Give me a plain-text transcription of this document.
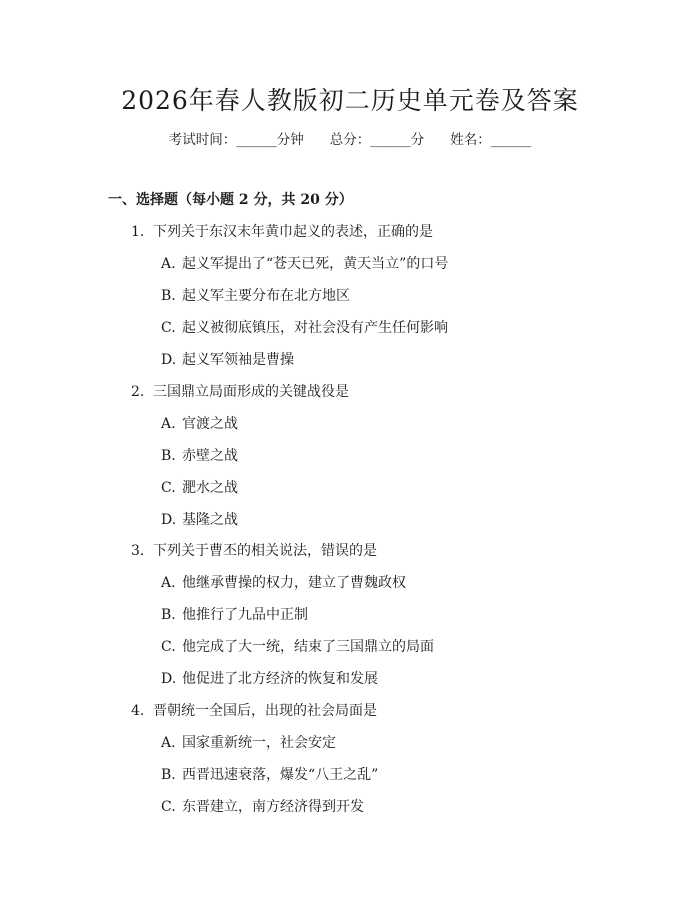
2026年春人教版初二历史单元卷及答案
考试时间：______分钟 总分：______分 姓名：______
一、选择题（每小题 2 分，共 20 分）
1. 下列关于东汉末年黄巾起义的表述，正确的是
A. 起义军提出了“苍天已死，黄天当立”的口号
B. 起义军主要分布在北方地区
C. 起义被彻底镇压，对社会没有产生任何影响
D. 起义军领袖是曹操
2. 三国鼎立局面形成的关键战役是
A. 官渡之战
B. 赤壁之战
C. 淝水之战
D. 基隆之战
3. 下列关于曹丕的相关说法，错误的是
A. 他继承曹操的权力，建立了曹魏政权
B. 他推行了九品中正制
C. 他完成了大一统，结束了三国鼎立的局面
D. 他促进了北方经济的恢复和发展
4. 晋朝统一全国后，出现的社会局面是
A. 国家重新统一，社会安定
B. 西晋迅速衰落，爆发“八王之乱”
C. 东晋建立，南方经济得到开发
